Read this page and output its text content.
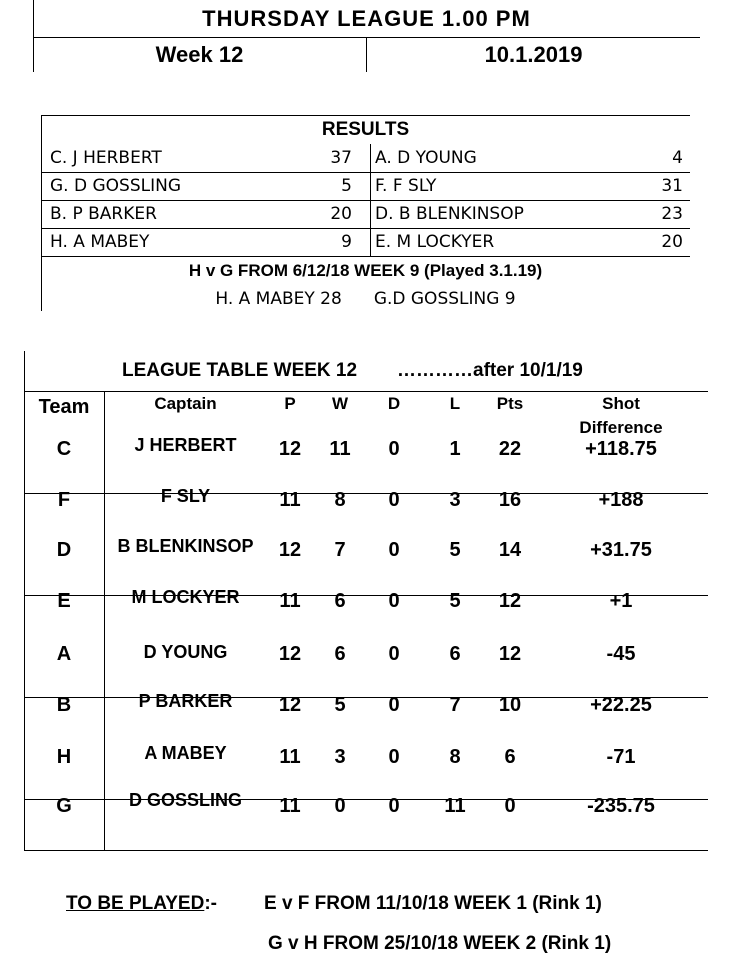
THURSDAY LEAGUE 1.00 PM
Week 12	10.1.2019
RESULTS
C. J HERBERT	37 A. D YOUNG	4
G. D GOSSLING	5 F. F SLY	31
B. P BARKER	20 D. B BLENKINSOP	23
H. A MABEY	9 E. M LOCKYER	20
H v G FROM 6/12/18 WEEK 9 (Played 3.1.19)
H. A MABEY 28 G.D GOSSLING 9
LEAGUE TABLE WEEK 12 …………after 10/1/19
Team	Captain	P	W	D	L	Pts	Shot
Difference
C	J HERBERT	12	11	0	1	22	+118.75
F	F SLY	11	8	0	3	16	+188
D	B BLENKINSOP	12	7	0	5	14	+31.75
E	M LOCKYER	11	6	0	5	12	+1
A	D YOUNG	12	6	0	6	12	-45
B	P BARKER	12	5	0	7	10	+22.25
H	A MABEY	11	3	0	8	6	-71
G	D GOSSLING	11	0	0	11	0	-235.75
TO BE PLAYED:- E v F FROM 11/10/18 WEEK 1 (Rink 1)
G v H FROM 25/10/18 WEEK 2 (Rink 1)
